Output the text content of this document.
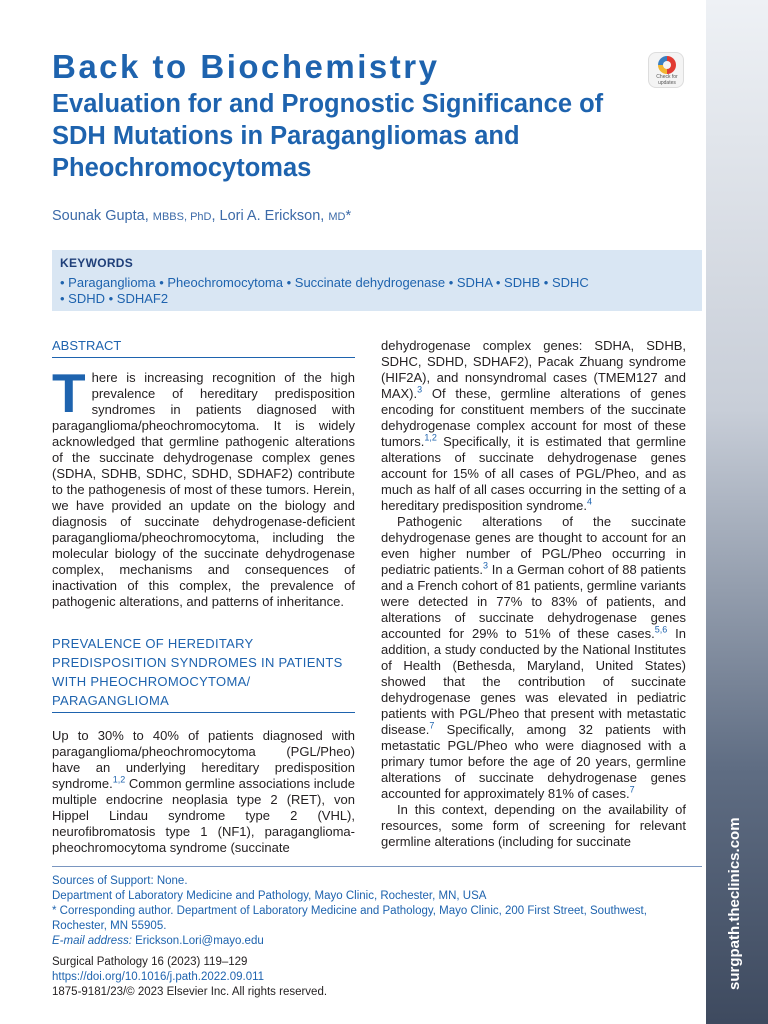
surgpath.theclinics.com
Check for updates
Back to Biochemistry
Evaluation for and Prognostic Significance of SDH Mutations in Paragangliomas and Pheochromocytomas
Sounak Gupta, MBBS, PhD, Lori A. Erickson, MD*
KEYWORDS
• Paraganglioma • Pheochromocytoma • Succinate dehydrogenase • SDHA • SDHB • SDHC
• SDHD • SDHAF2
ABSTRACT

There is increasing recognition of the high prevalence of hereditary predisposition syndromes in patients diagnosed with paraganglioma/pheochromocytoma. It is widely acknowledged that germline pathogenic alterations of the succinate dehydrogenase complex genes (SDHA, SDHB, SDHC, SDHD, SDHAF2) contribute to the pathogenesis of most of these tumors. Herein, we have provided an update on the biology and diagnosis of succinate dehydrogenase-deficient paraganglioma/pheochromocytoma, including the molecular biology of the succinate dehydrogenase complex, mechanisms and consequences of inactivation of this complex, the prevalence of pathogenic alterations, and patterns of inheritance.

PREVALENCE OF HEREDITARY PREDISPOSITION SYNDROMES IN PATIENTS WITH PHEOCHROMOCYTOMA/ PARAGANGLIOMA

Up to 30% to 40% of patients diagnosed with paraganglioma/pheochromocytoma (PGL/Pheo) have an underlying hereditary predisposition syndrome.$^{1,2}$ Common germline associations include multiple endocrine neoplasia type 2 (RET), von Hippel Lindau syndrome type 2 (VHL), neurofibromatosis type 1 (NF1), paraganglioma-pheochromocytoma syndrome (succinate

dehydrogenase complex genes: SDHA, SDHB, SDHC, SDHD, SDHAF2), Pacak Zhuang syndrome (HIF2A), and nonsyndromal cases (TMEM127 and MAX).$^3$ Of these, germline alterations of genes encoding for constituent members of the succinate dehydrogenase complex account for most of these tumors.$^{1,2}$ Specifically, it is estimated that germline alterations of succinate dehydrogenase genes account for 15% of all cases of PGL/Pheo, and as much as half of all cases occurring in the setting of a hereditary predisposition syndrome.$^4$

Pathogenic alterations of the succinate dehydrogenase genes are thought to account for an even higher number of PGL/Pheo occurring in pediatric patients.$^3$ In a German cohort of 88 patients and a French cohort of 81 patients, germline variants were detected in 77% to 83% of patients, and alterations of succinate dehydrogenase genes accounted for 29% to 51% of these cases.$^{5,6}$ In addition, a study conducted by the National Institutes of Health (Bethesda, Maryland, United States) showed that the contribution of succinate dehydrogenase genes was elevated in pediatric patients with PGL/Pheo that present with metastatic disease.$^7$ Specifically, among 32 patients with metastatic PGL/Pheo who were diagnosed with a primary tumor before the age of 20 years, germline alterations of succinate dehydrogenase genes accounted for approximately 81% of cases.$^7$

In this context, depending on the availability of resources, some form of screening for relevant germline alterations (including for succinate

Sources of Support: None.
Department of Laboratory Medicine and Pathology, Mayo Clinic, Rochester, MN, USA
* Corresponding author. Department of Laboratory Medicine and Pathology, Mayo Clinic, 200 First Street, Southwest, Rochester, MN 55905.
E-mail address: Erickson.Lori@mayo.edu
Surgical Pathology 16 (2023) 119–129
https://doi.org/10.1016/j.path.2022.09.011
1875-9181/23/© 2023 Elsevier Inc. All rights reserved.
